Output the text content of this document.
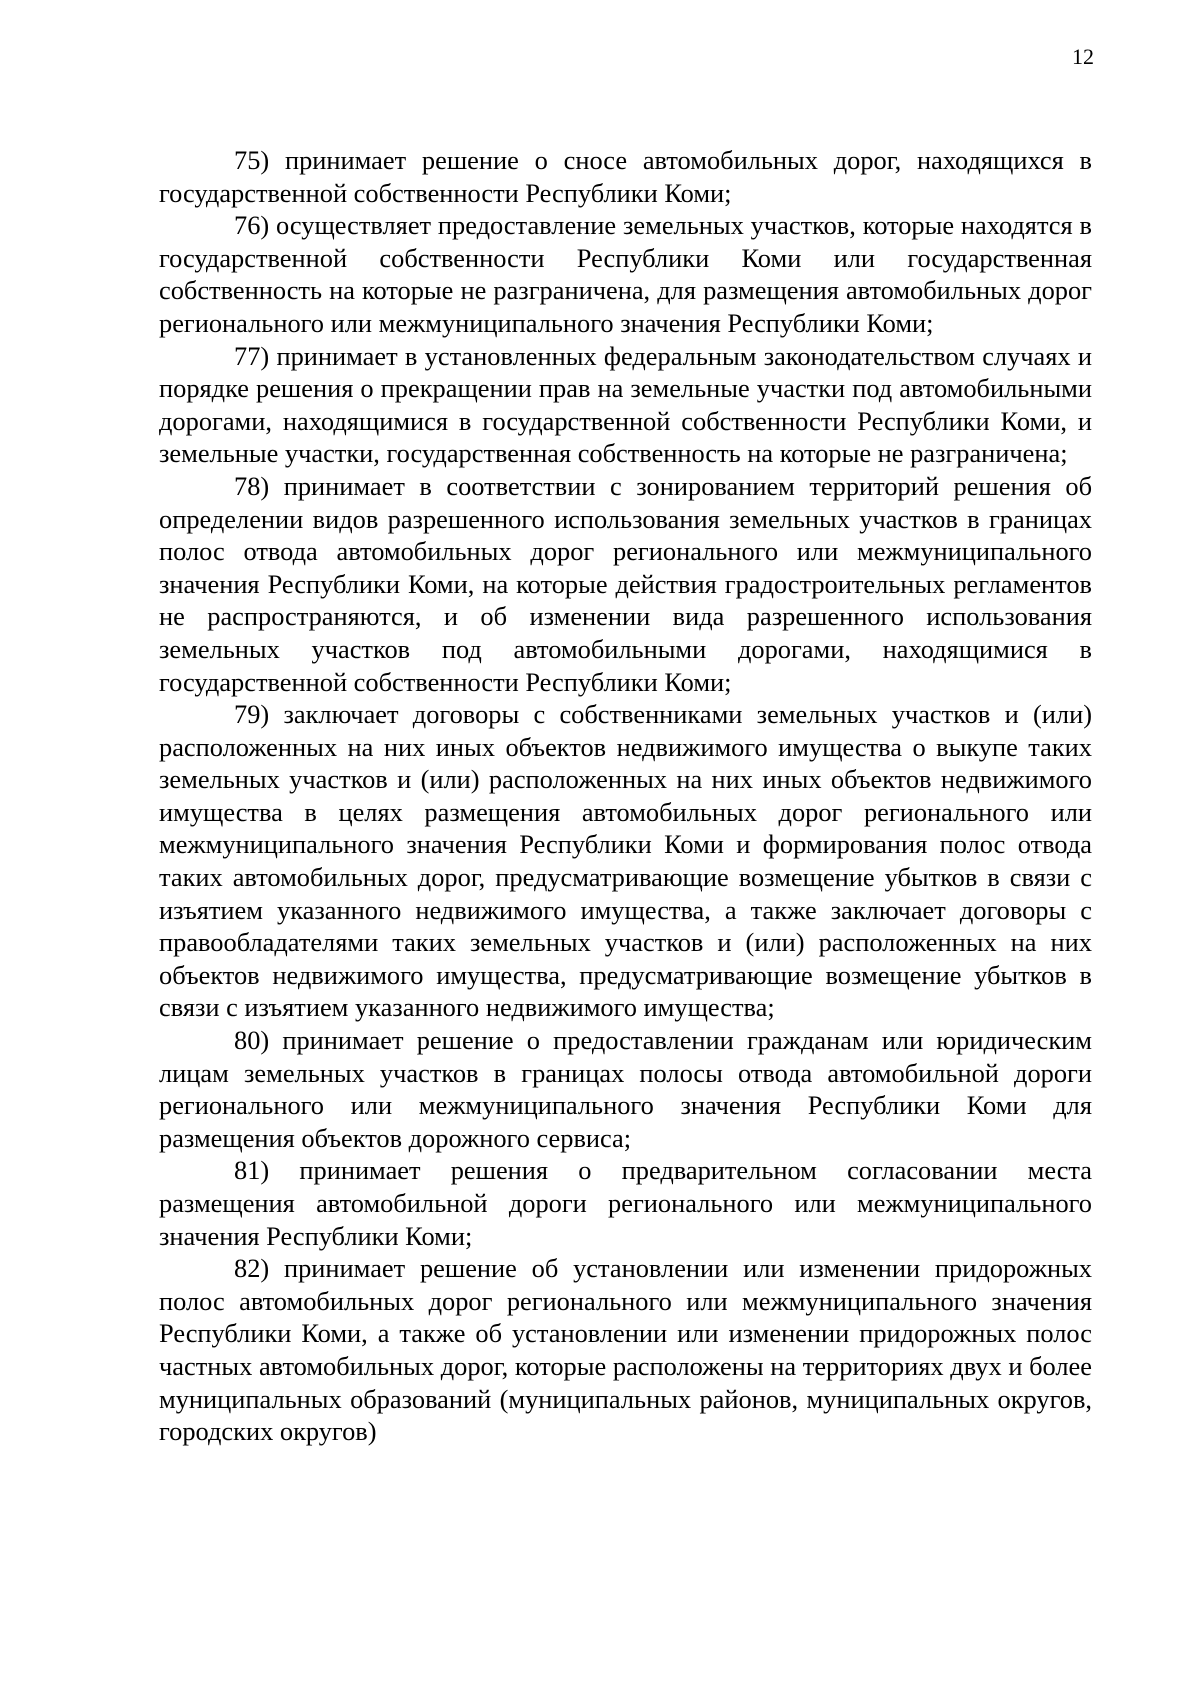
12

75) принимает решение о сносе автомобильных дорог, находящихся в государственной собственности Республики Коми;

76) осуществляет предоставление земельных участков, которые находятся в государственной собственности Республики Коми или государственная собственность на которые не разграничена, для размещения автомобильных дорог регионального или межмуниципального значения Республики Коми;

77) принимает в установленных федеральным законодательством случаях и порядке решения о прекращении прав на земельные участки под автомобильными дорогами, находящимися в государственной собственности Республики Коми, и земельные участки, государственная собственность на которые не разграничена;

78) принимает в соответствии с зонированием территорий решения об определении видов разрешенного использования земельных участков в границах полос отвода автомобильных дорог регионального или межмуниципального значения Республики Коми, на которые действия градостроительных регламентов не распространяются, и об изменении вида разрешенного использования земельных участков под автомобильными дорогами, находящимися в государственной собственности Республики Коми;

79) заключает договоры с собственниками земельных участков и (или) расположенных на них иных объектов недвижимого имущества о выкупе таких земельных участков и (или) расположенных на них иных объектов недвижимого имущества в целях размещения автомобильных дорог регионального или межмуниципального значения Республики Коми и формирования полос отвода таких автомобильных дорог, предусматривающие возмещение убытков в связи с изъятием указанного недвижимого имущества, а также заключает договоры с правообладателями таких земельных участков и (или) расположенных на них объектов недвижимого имущества, предусматривающие возмещение убытков в связи с изъятием указанного недвижимого имущества;

80) принимает решение о предоставлении гражданам или юридическим лицам земельных участков в границах полосы отвода автомобильной дороги регионального или межмуниципального значения Республики Коми для размещения объектов дорожного сервиса;

81) принимает решения о предварительном согласовании места размещения автомобильной дороги регионального или межмуниципального значения Республики Коми;

82) принимает решение об установлении или изменении придорожных полос автомобильных дорог регионального или межмуниципального значения Республики Коми, а также об установлении или изменении придорожных полос частных автомобильных дорог, которые расположены на территориях двух и более муниципальных образований (муниципальных районов, муниципальных округов, городских округов)
